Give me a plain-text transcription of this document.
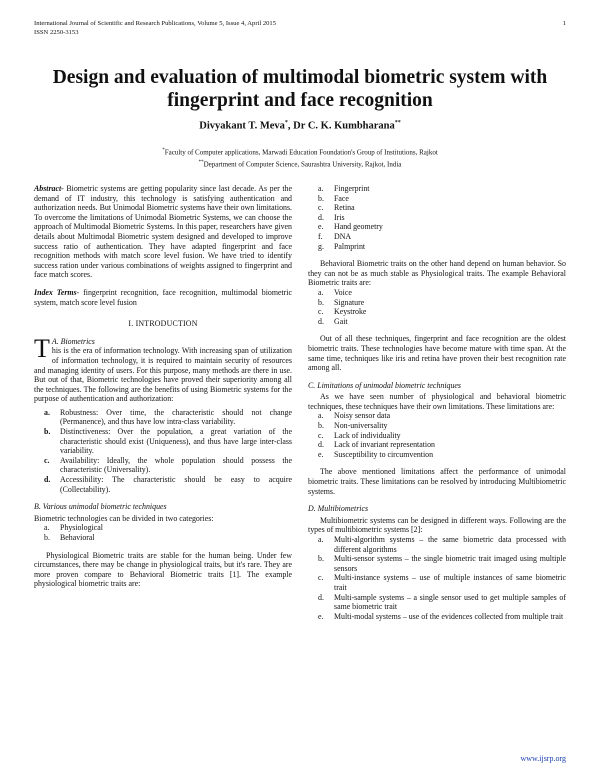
International Journal of Scientific and Research Publications, Volume 5, Issue 4, April 2015
ISSN 2250-3153
1
Design and evaluation of multimodal biometric system with fingerprint and face recognition
Divyakant T. Meva*, Dr C. K. Kumbharana**
*Faculty of Computer applications, Marwadi Education Foundation's Group of Institutions, Rajkot
**Department of Computer Science, Saurashtra University, Rajkot, India

Abstract- Biometric systems are getting popularity since last decade. As per the demand of IT industry, this technology is satisfying authentication and authorization needs. But Unimodal Biometric systems have their own limitations. To overcome the limitations of Unimodal Biometric Systems, we can choose the approach of Multimodal Biometric Systems. In this paper, researchers have given details about Multimodal Biometric system designed and developed to improve success ratio of authentication. They have adapted fingerprint and face recognition methods with match score level fusion. We have tried to identify success ration under various combinations of weights assigned to fingerprint and face match scores.

Index Terms- fingerprint recognition, face recognition, multimodal biometric system, match score level fusion

I. INTRODUCTION

T A. Biometrics
his is the era of information technology. With increasing span of utilization of information technology, it is required to maintain security of resources and managing identity of users. For this purpose, many methods are there in use. But out of that, Biometric technologies have proved their superiority among all the techniques. The following are the benefits of using Biometric systems for the purpose of authentication and authorization:

a. Robustness: Over time, the characteristic should not change (Permanence), and thus have low intra-class variability.
b. Distinctiveness: Over the population, a great variation of the characteristic should exist (Uniqueness), and thus have large inter-class variability.
c. Availability: Ideally, the whole population should possess the characteristic (Universality).
d. Accessibility: The characteristic should be easy to acquire (Collectability).
B. Various unimodal biometric techniques

Biometric technologies can be divided in two categories:

a. Physiological
b. Behavioral

Physiological Biometric traits are stable for the human being. Under few circumstances, there may be change in physiological traits, but it's rare. They are more proven compare to Behavioral Biometric traits [1]. The example physiological biometric traits are:

a. Fingerprint
b. Face
c. Retina
d. Iris
e. Hand geometry
f. DNA
g. Palmprint

Behavioral Biometric traits on the other hand depend on human behavior. So they can not be as much stable as Physiological traits. The example Behavioral Biometric traits are:

a. Voice
b. Signature
c. Keystroke
d. Gait

Out of all these techniques, fingerprint and face recognition are the oldest biometric traits. These technologies have become mature with time span. At the same time, techniques like iris and retina have proven their best recognition rate among all.

C. Limitations of unimodal biometric techniques

As we have seen number of physiological and behavioral biometric techniques, these techniques have their own limitations. These limitations are:

a. Noisy sensor data
b. Non-universality
c. Lack of individuality
d. Lack of invariant representation
e. Susceptibility to circumvention

The above mentioned limitations affect the performance of unimodal biometric traits. These limitations can be resolved by introducing Multibiometric systems.

D. Multibiometrics

Multibiometric systems can be designed in different ways. Following are the types of multibiometric systems [2]:

a. Multi-algorithm systems – the same biometric data processed with different algorithms
b. Multi-sensor systems – the single biometric trait imaged using multiple sensors
c. Multi-instance systems – use of multiple instances of same biometric trait
d. Multi-sample systems – a single sensor used to get multiple samples of same biometric trait
e. Multi-modal systems – use of the evidences collected from multiple trait
www.ijsrp.org
